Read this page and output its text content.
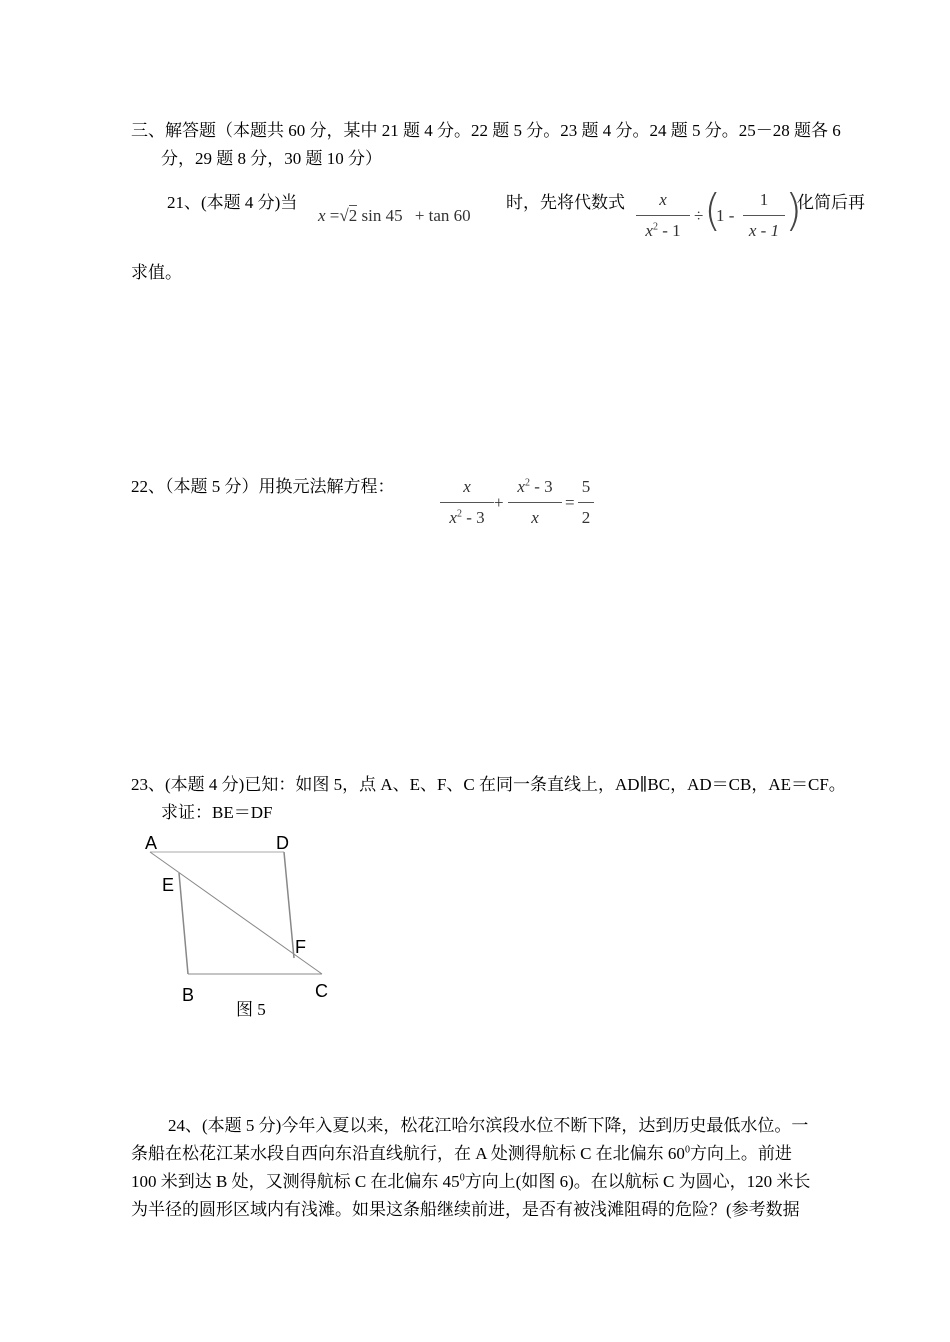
三、解答题（本题共 60 分，某中 21 题 4 分。22 题 5 分。23 题 4 分。24 题 5 分。25－28 题各 6
分，29 题 8 分，30 题 10 分）
21、(本题 4 分)当
x =√2 sin 45 + tan 60
时，先将代数式	x
$x^2 - 1$
÷ (
1 -
1
x - 1 )
化简后再
求值。
22、（本题 5 分）用换元法解方程：	x
$x^2 - 3$
+
$x^2 - 3$
x
=
5
2
23、(本题 4 分)已知：如图 5，点 A、E、F、C 在同一条直线上，AD∥BC，AD＝CB，AE＝CF。
求证：BE＝DF
A	D
E
F
B	C
图 5
24、(本题 5 分)今年入夏以来，松花江哈尔滨段水位不断下降，达到历史最低水位。一
条船在松花江某水段自西向东沿直线航行，在 A 处测得航标 C 在北偏东 $60^0$方向上。前进
100 米到达 B 处，又测得航标 C 在北偏东 $45^0$方向上(如图 6)。在以航标 C 为圆心，120 米长
为半径的圆形区域内有浅滩。如果这条船继续前进，是否有被浅滩阻碍的危险？(参考数据
